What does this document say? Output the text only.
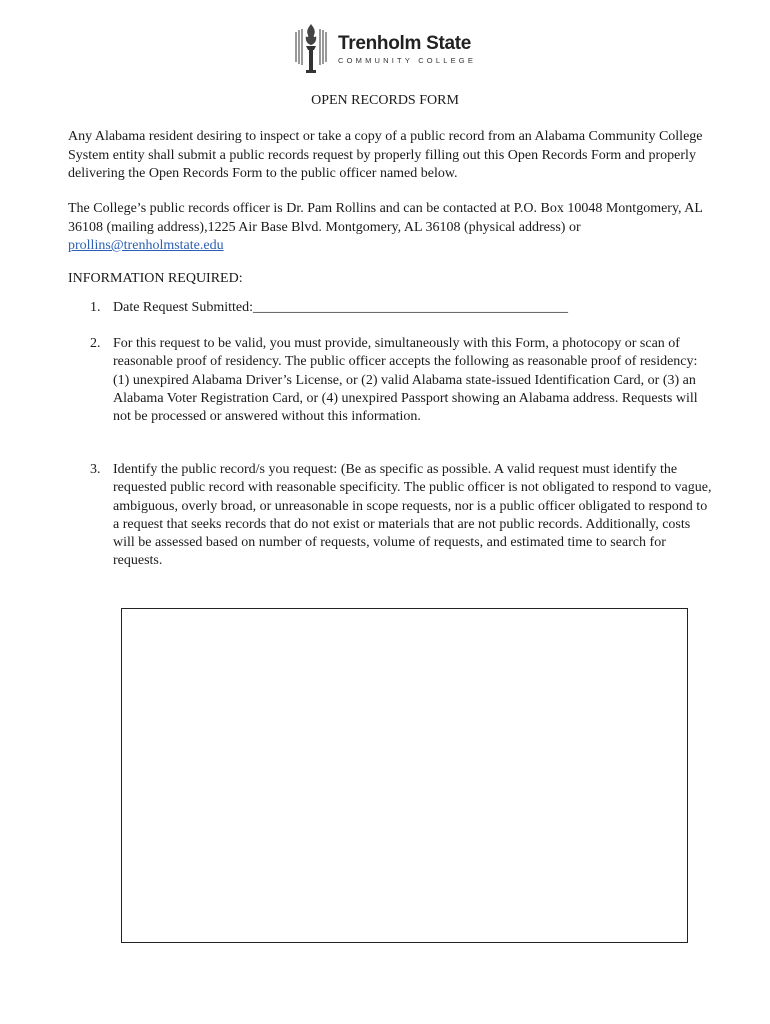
Trenholm State
COMMUNITY COLLEGE
OPEN RECORDS FORM
Any Alabama resident desiring to inspect or take a copy of a public record from an Alabama Community College System entity shall submit a public records request by properly filling out this Open Records Form and properly delivering the Open Records Form to the public officer named below.
The College’s public records officer is Dr. Pam Rollins and can be contacted at P.O. Box 10048 Montgomery, AL 36108 (mailing address),1225 Air Base Blvd. Montgomery, AL 36108 (physical address) or prollins@trenholmstate.edu
INFORMATION REQUIRED:
1. Date Request Submitted:_____________________________________________
2. For this request to be valid, you must provide, simultaneously with this Form, a photocopy or scan of reasonable proof of residency. The public officer accepts the following as reasonable proof of residency: (1) unexpired Alabama Driver’s License, or (2) valid Alabama state-issued Identification Card, or (3) an Alabama Voter Registration Card, or (4) unexpired Passport showing an Alabama address. Requests will not be processed or answered without this information.
3. Identify the public record/s you request: (Be as specific as possible. A valid request must identify the requested public record with reasonable specificity. The public officer is not obligated to respond to vague, ambiguous, overly broad, or unreasonable in scope requests, nor is a public officer obligated to respond to a request that seeks records that do not exist or materials that are not public records. Additionally, costs will be assessed based on number of requests, volume of requests, and estimated time to search for requests.
